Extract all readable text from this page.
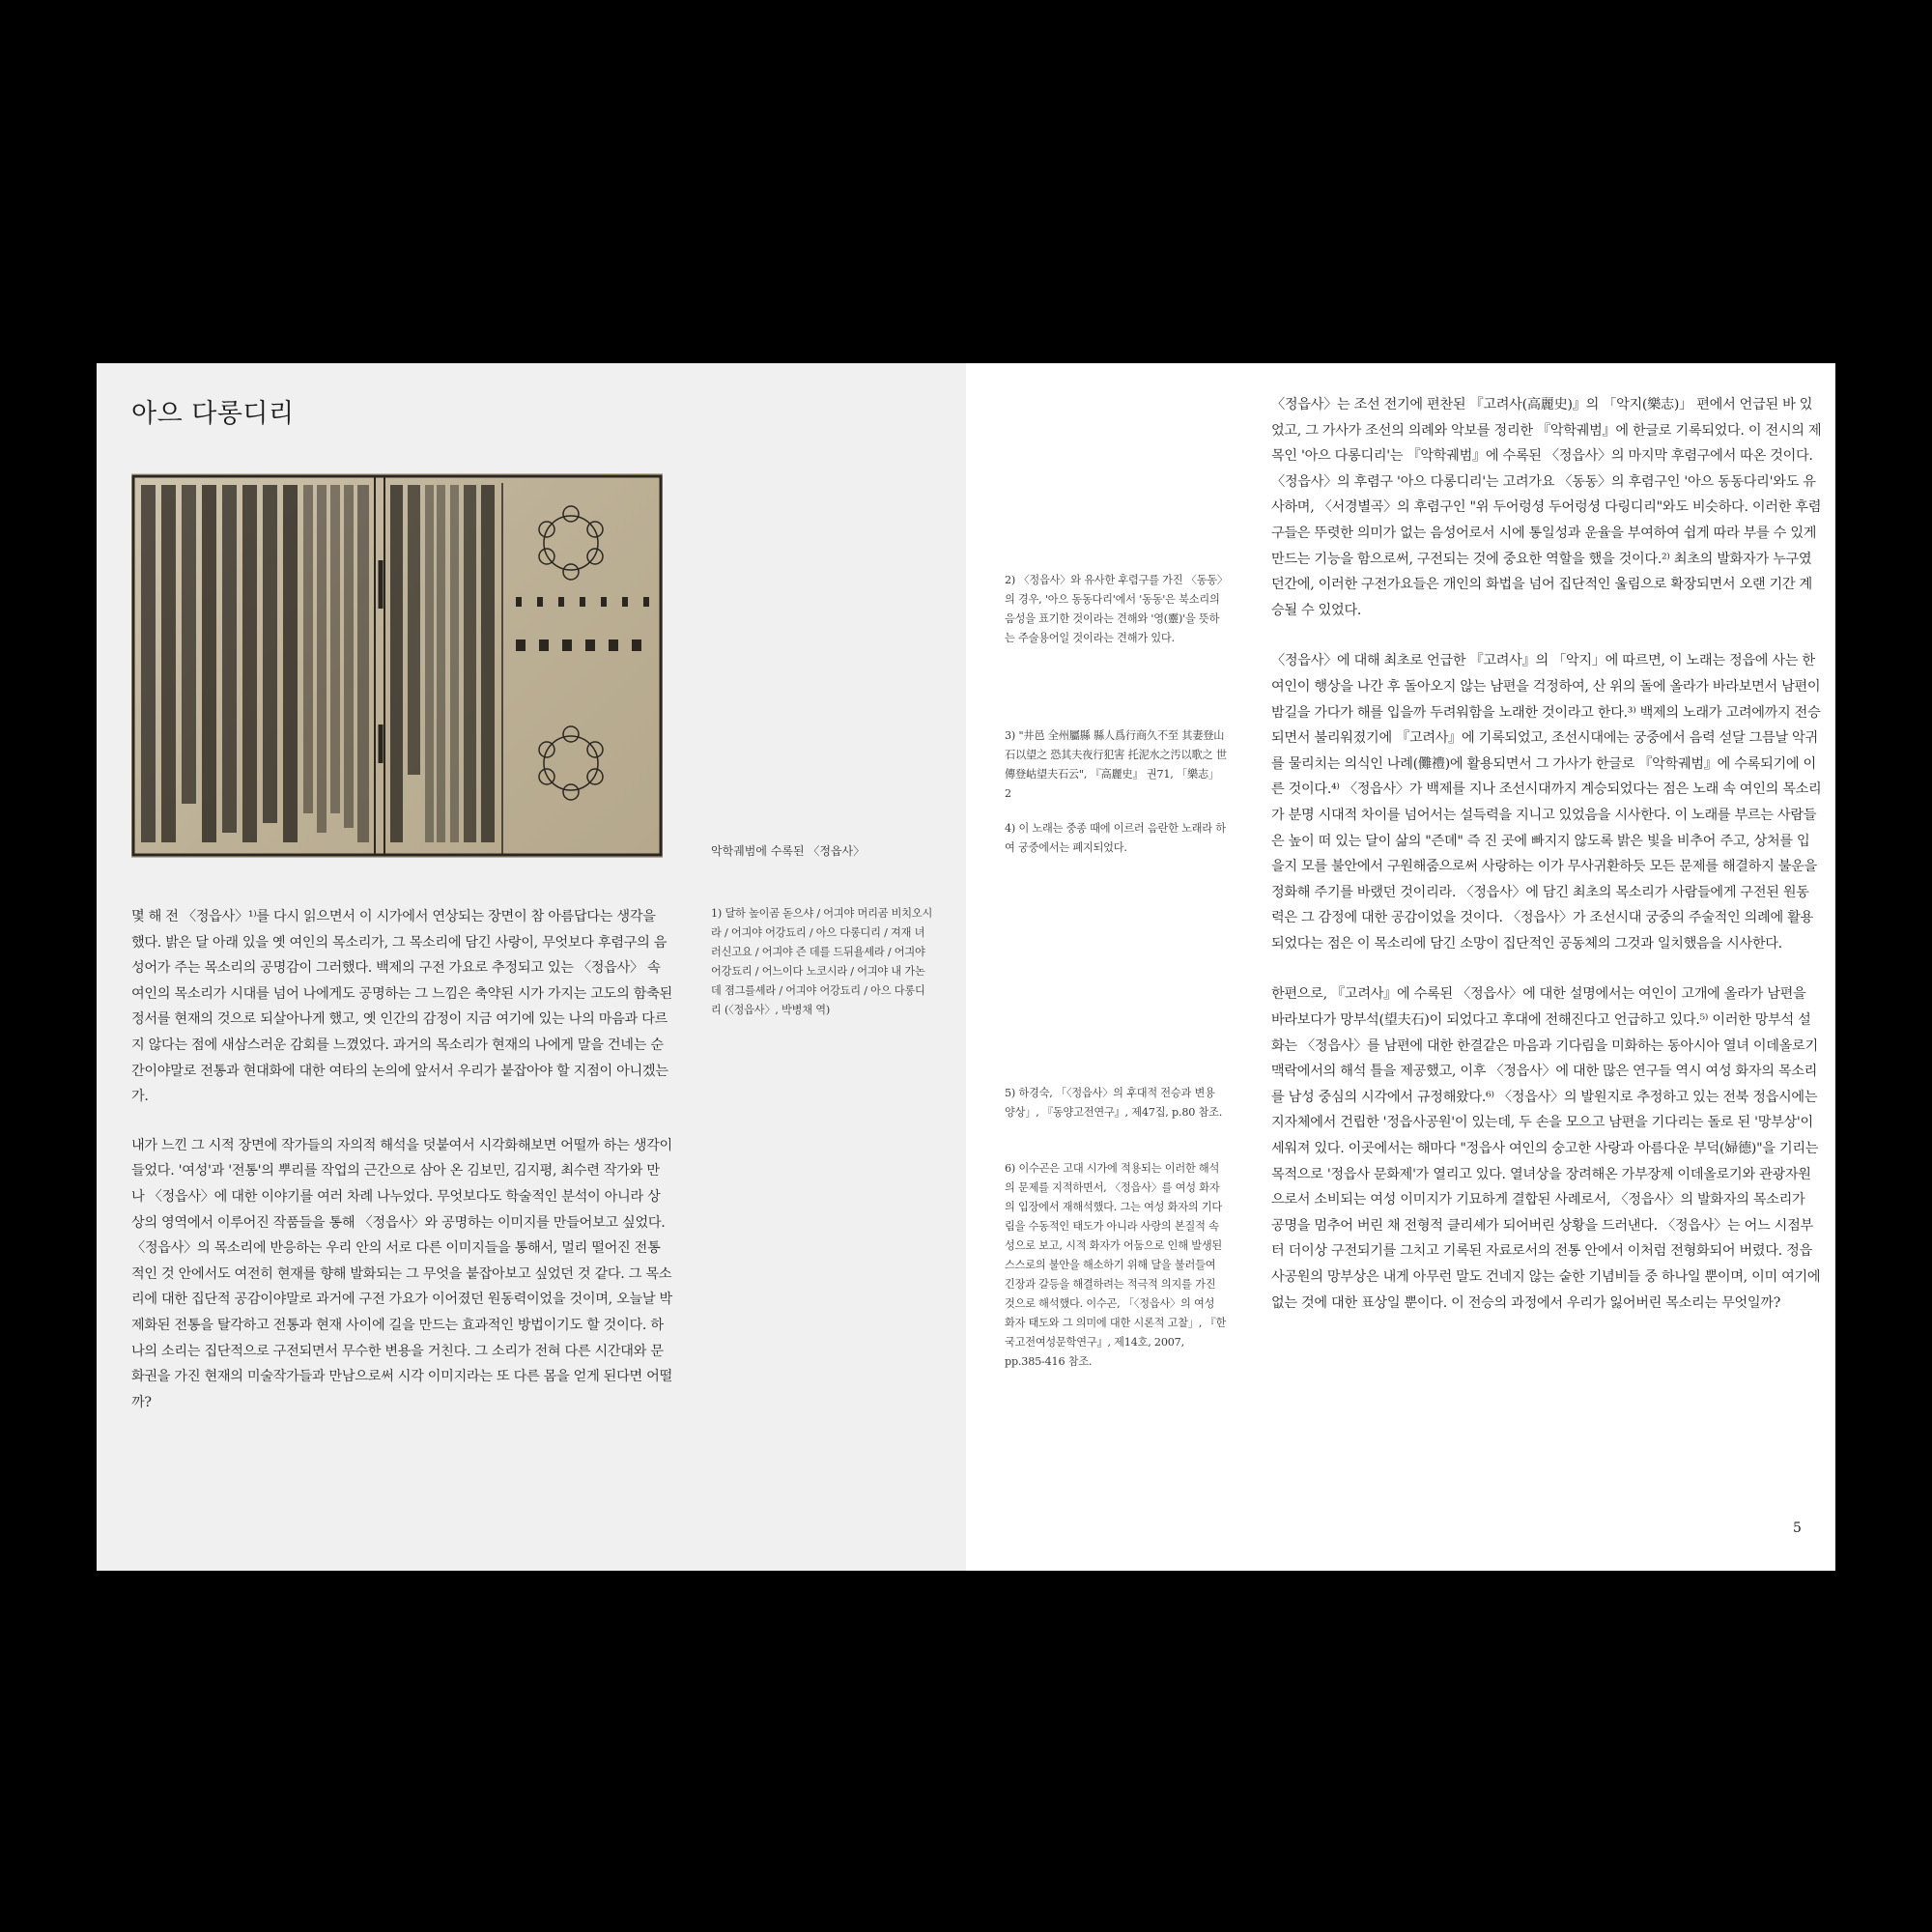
아으 다롱디리

악학궤범에 수록된 〈정읍사〉

몇 해 전 〈정읍사〉¹⁾를 다시 읽으면서 이 시가에서 연상되는 장면이 참 아름답다는 생각을 했다. 밝은 달 아래 있을 옛 여인의 목소리가, 그 목소리에 담긴 사랑이, 무엇보다 후렴구의 음성어가 주는 목소리의 공명감이 그러했다. 백제의 구전 가요로 추정되고 있는 〈정읍사〉 속 여인의 목소리가 시대를 넘어 나에게도 공명하는 그 느낌은 축약된 시가 가지는 고도의 함축된 정서를 현재의 것으로 되살아나게 했고, 옛 인간의 감정이 지금 여기에 있는 나의 마음과 다르지 않다는 점에 새삼스러운 감회를 느꼈었다. 과거의 목소리가 현재의 나에게 말을 건네는 순간이야말로 전통과 현대화에 대한 여타의 논의에 앞서서 우리가 붙잡아야 할 지점이 아니겠는가.

내가 느낀 그 시적 장면에 작가들의 자의적 해석을 덧붙여서 시각화해보면 어떨까 하는 생각이 들었다. '여성'과 '전통'의 뿌리를 작업의 근간으로 삼아 온 김보민, 김지평, 최수련 작가와 만나 〈정읍사〉에 대한 이야기를 여러 차례 나누었다. 무엇보다도 학술적인 분석이 아니라 상상의 영역에서 이루어진 작품들을 통해 〈정읍사〉와 공명하는 이미지를 만들어보고 싶었다. 〈정읍사〉의 목소리에 반응하는 우리 안의 서로 다른 이미지들을 통해서, 멀리 떨어진 전통적인 것 안에서도 여전히 현재를 향해 발화되는 그 무엇을 붙잡아보고 싶었던 것 같다. 그 목소리에 대한 집단적 공감이야말로 과거에 구전 가요가 이어졌던 원동력이었을 것이며, 오늘날 박제화된 전통을 탈각하고 전통과 현재 사이에 길을 만드는 효과적인 방법이기도 할 것이다. 하나의 소리는 집단적으로 구전되면서 무수한 변용을 거친다. 그 소리가 전혀 다른 시간대와 문화권을 가진 현재의 미술작가들과 만남으로써 시각 이미지라는 또 다른 몸을 얻게 된다면 어떨까?

1) 달하 높이곰 돋으샤 / 어긔야 머리곰 비치오시라 / 어긔야 어강됴리 / 아으 다롱디리 / 져재 녀러신고요 / 어긔야 즌 데를 드뒤욜셰라 / 어긔야 어강됴리 / 어느이다 노코시라 / 어긔야 내 가논 데 졈그를셰라 / 어긔야 어강됴리 / 아으 다롱디리 (〈정읍사〉, 박병채 역)

2) 〈정읍사〉와 유사한 후렴구를 가진 〈동동〉의 경우, '아으 동동다리'에서 '동동'은 북소리의 음성을 표기한 것이라는 견해와 '영(靈)'을 뜻하는 주술용어일 것이라는 견해가 있다.

3) "井邑 全州屬縣 縣人爲行商久不至 其妻登山石以望之 恐其夫夜行犯害 托泥水之汚以歌之 世傳登岵望夫石云", 『高麗史』 권71, 「樂志」 2

4) 이 노래는 중종 때에 이르러 음란한 노래라 하여 궁중에서는 폐지되었다.

5) 하경숙, 「〈정읍사〉의 후대적 전승과 변용 양상」, 『동양고전연구』, 제47집, p.80 참조.

6) 이수곤은 고대 시가에 적용되는 이러한 해석의 문제를 지적하면서, 〈정읍사〉를 여성 화자의 입장에서 재해석했다. 그는 여성 화자의 기다림을 수동적인 태도가 아니라 사랑의 본질적 속성으로 보고, 시적 화자가 어둠으로 인해 발생된 스스로의 불안을 해소하기 위해 달을 불러들여 긴장과 갈등을 해결하려는 적극적 의지를 가진 것으로 해석했다. 이수곤, 「〈정읍사〉의 여성 화자 태도와 그 의미에 대한 시론적 고찰」, 『한국고전여성문학연구』, 제14호, 2007, pp.385-416 참조.

〈정읍사〉는 조선 전기에 편찬된 『고려사(高麗史)』의 「악지(樂志)」 편에서 언급된 바 있었고, 그 가사가 조선의 의례와 악보를 정리한 『악학궤범』에 한글로 기록되었다. 이 전시의 제목인 '아으 다롱디리'는 『악학궤범』에 수록된 〈정읍사〉의 마지막 후렴구에서 따온 것이다. 〈정읍사〉의 후렴구 '아으 다롱디리'는 고려가요 〈동동〉의 후렴구인 '아으 동동다리'와도 유사하며, 〈서경별곡〉의 후렴구인 "위 두어렁셩 두어렁셩 다링디리"와도 비슷하다. 이러한 후렴구들은 뚜렷한 의미가 없는 음성어로서 시에 통일성과 운율을 부여하여 쉽게 따라 부를 수 있게 만드는 기능을 함으로써, 구전되는 것에 중요한 역할을 했을 것이다.²⁾ 최초의 발화자가 누구였던간에, 이러한 구전가요들은 개인의 화법을 넘어 집단적인 울림으로 확장되면서 오랜 기간 계승될 수 있었다.

〈정읍사〉에 대해 최초로 언급한 『고려사』의 「악지」에 따르면, 이 노래는 정읍에 사는 한 여인이 행상을 나간 후 돌아오지 않는 남편을 걱정하여, 산 위의 돌에 올라가 바라보면서 남편이 밤길을 가다가 해를 입을까 두려워함을 노래한 것이라고 한다.³⁾ 백제의 노래가 고려에까지 전승되면서 불리워졌기에 『고려사』에 기록되었고, 조선시대에는 궁중에서 음력 섣달 그믐날 악귀를 물리치는 의식인 나례(儺禮)에 활용되면서 그 가사가 한글로 『악학궤범』에 수록되기에 이른 것이다.⁴⁾ 〈정읍사〉가 백제를 지나 조선시대까지 계승되었다는 점은 노래 속 여인의 목소리가 분명 시대적 차이를 넘어서는 설득력을 지니고 있었음을 시사한다. 이 노래를 부르는 사람들은 높이 떠 있는 달이 삶의 "즌뎨" 즉 진 곳에 빠지지 않도록 밝은 빛을 비추어 주고, 상처를 입을지 모를 불안에서 구원해줌으로써 사랑하는 이가 무사귀환하듯 모든 문제를 해결하지 불운을 정화해 주기를 바랬던 것이리라. 〈정읍사〉에 담긴 최초의 목소리가 사람들에게 구전된 원동력은 그 감정에 대한 공감이었을 것이다. 〈정읍사〉가 조선시대 궁중의 주술적인 의례에 활용되었다는 점은 이 목소리에 담긴 소망이 집단적인 공동체의 그것과 일치했음을 시사한다.

한편으로, 『고려사』에 수록된 〈정읍사〉에 대한 설명에서는 여인이 고개에 올라가 남편을 바라보다가 망부석(望夫石)이 되었다고 후대에 전해진다고 언급하고 있다.⁵⁾ 이러한 망부석 설화는 〈정읍사〉를 남편에 대한 한결같은 마음과 기다림을 미화하는 동아시아 열녀 이데올로기 맥락에서의 해석 틀을 제공했고, 이후 〈정읍사〉에 대한 많은 연구들 역시 여성 화자의 목소리를 남성 중심의 시각에서 규정해왔다.⁶⁾ 〈정읍사〉의 발원지로 추정하고 있는 전북 정읍시에는 지자체에서 건립한 '정읍사공원'이 있는데, 두 손을 모으고 남편을 기다리는 돌로 된 '망부상'이 세워져 있다. 이곳에서는 해마다 "정읍사 여인의 숭고한 사랑과 아름다운 부덕(婦德)"을 기리는 목적으로 '정읍사 문화제'가 열리고 있다. 열녀상을 장려해온 가부장제 이데올로기와 관광자원으로서 소비되는 여성 이미지가 기묘하게 결합된 사례로서, 〈정읍사〉의 발화자의 목소리가 공명을 멈추어 버린 채 전형적 클리셰가 되어버린 상황을 드러낸다. 〈정읍사〉는 어느 시점부터 더이상 구전되기를 그치고 기록된 자료로서의 전통 안에서 이처럼 전형화되어 버렸다. 정읍사공원의 망부상은 내게 아무런 말도 건네지 않는 숱한 기념비들 중 하나일 뿐이며, 이미 여기에 없는 것에 대한 표상일 뿐이다. 이 전승의 과정에서 우리가 잃어버린 목소리는 무엇일까?

5
